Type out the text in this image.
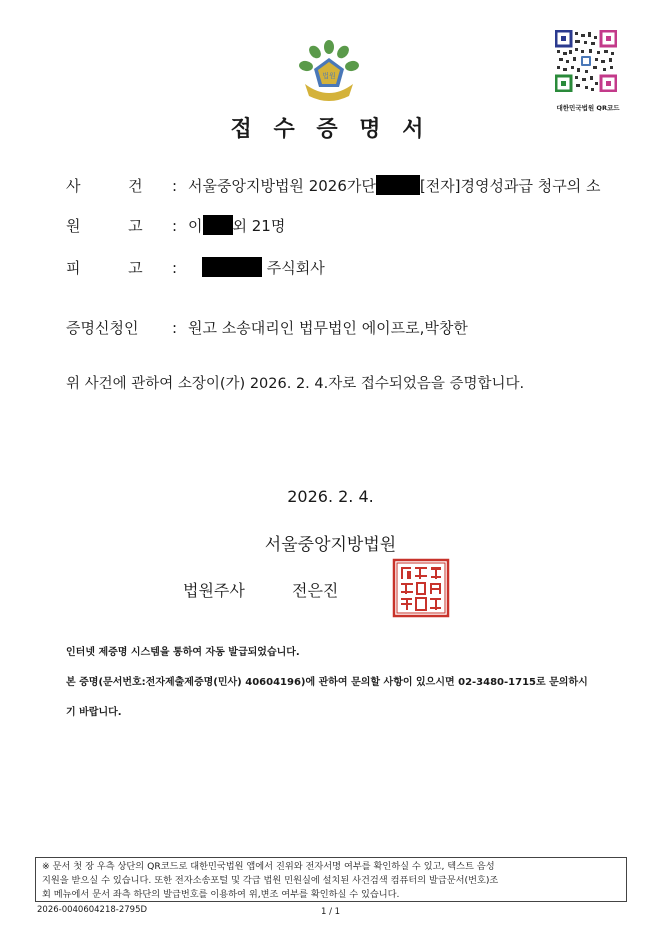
법원
대한민국법원 QR코드
접 수 증 명 서
사          건 : 서울중앙지방법원 2026가단	[전자]경영성과급 청구의 소
원          고 : 이 외 21명
피          고 :	주식회사
증명신청인 : 원고 소송대리인 법무법인 에이프로,박창한
위 사건에 관하여 소장이(가) 2026. 2. 4.자로 접수되었음을 증명합니다.
2026. 2. 4.
서울중앙지방법원
법원주사	전은진
인터넷 제증명 시스템을 통하여 자동 발급되었습니다.
본 증명(문서번호:전자제출제증명(민사) 40604196)에 관하여 문의할 사항이 있으시면 02-3480-1715로 문의하시
기 바랍니다.
※ 문서 첫 장 우측 상단의 QR코드로 대한민국법원 앱에서 진위와 전자서명 여부를 확인하실 수 있고, 텍스트 음성
지원을 받으실 수 있습니다. 또한 전자소송포털 및 각급 법원 민원실에 설치된 사건검색 컴퓨터의 발급문서(번호)조
회 메뉴에서 문서 좌측 하단의 발급번호를 이용하여 위,변조 여부를 확인하실 수 있습니다.
2026-0040604218-2795D	1 / 1
